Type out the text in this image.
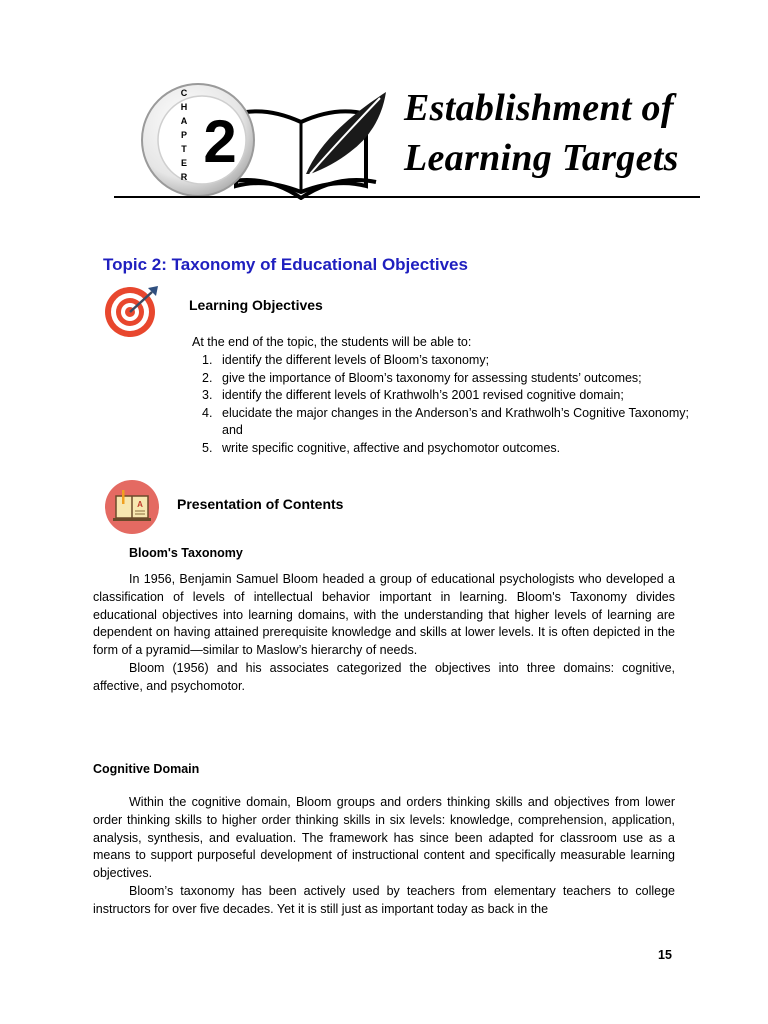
C
H
A
P
T
E
R
2	Establishment of
Learning Targets
Topic 2: Taxonomy of Educational Objectives
Learning Objectives
At the end of the topic, the students will be able to:
1. identify the different levels of Bloom’s taxonomy;
2. give the importance of Bloom’s taxonomy for assessing students’ outcomes;
3. identify the different levels of Krathwolh’s 2001 revised cognitive domain;
4. elucidate the major changes in the Anderson’s and Krathwolh’s Cognitive Taxonomy; and
5. write specific cognitive, affective and psychomotor outcomes.
A Presentation of Contents
Bloom's Taxonomy

In 1956, Benjamin Samuel Bloom headed a group of educational psychologists who developed a classification of levels of intellectual behavior important in learning. Bloom's Taxonomy divides educational objectives into learning domains, with the understanding that higher levels of learning are dependent on having attained prerequisite knowledge and skills at lower levels. It is often depicted in the form of a pyramid—similar to Maslow’s hierarchy of needs.

Bloom (1956) and his associates categorized the objectives into three domains: cognitive, affective, and psychomotor.

Cognitive Domain

Within the cognitive domain, Bloom groups and orders thinking skills and objectives from lower order thinking skills to higher order thinking skills in six levels: knowledge, comprehension, application, analysis, synthesis, and evaluation. The framework has since been adapted for classroom use as a means to support purposeful development of instructional content and specifically measurable learning objectives.

Bloom’s taxonomy has been actively used by teachers from elementary teachers to college instructors for over five decades. Yet it is still just as important today as back in the

15
